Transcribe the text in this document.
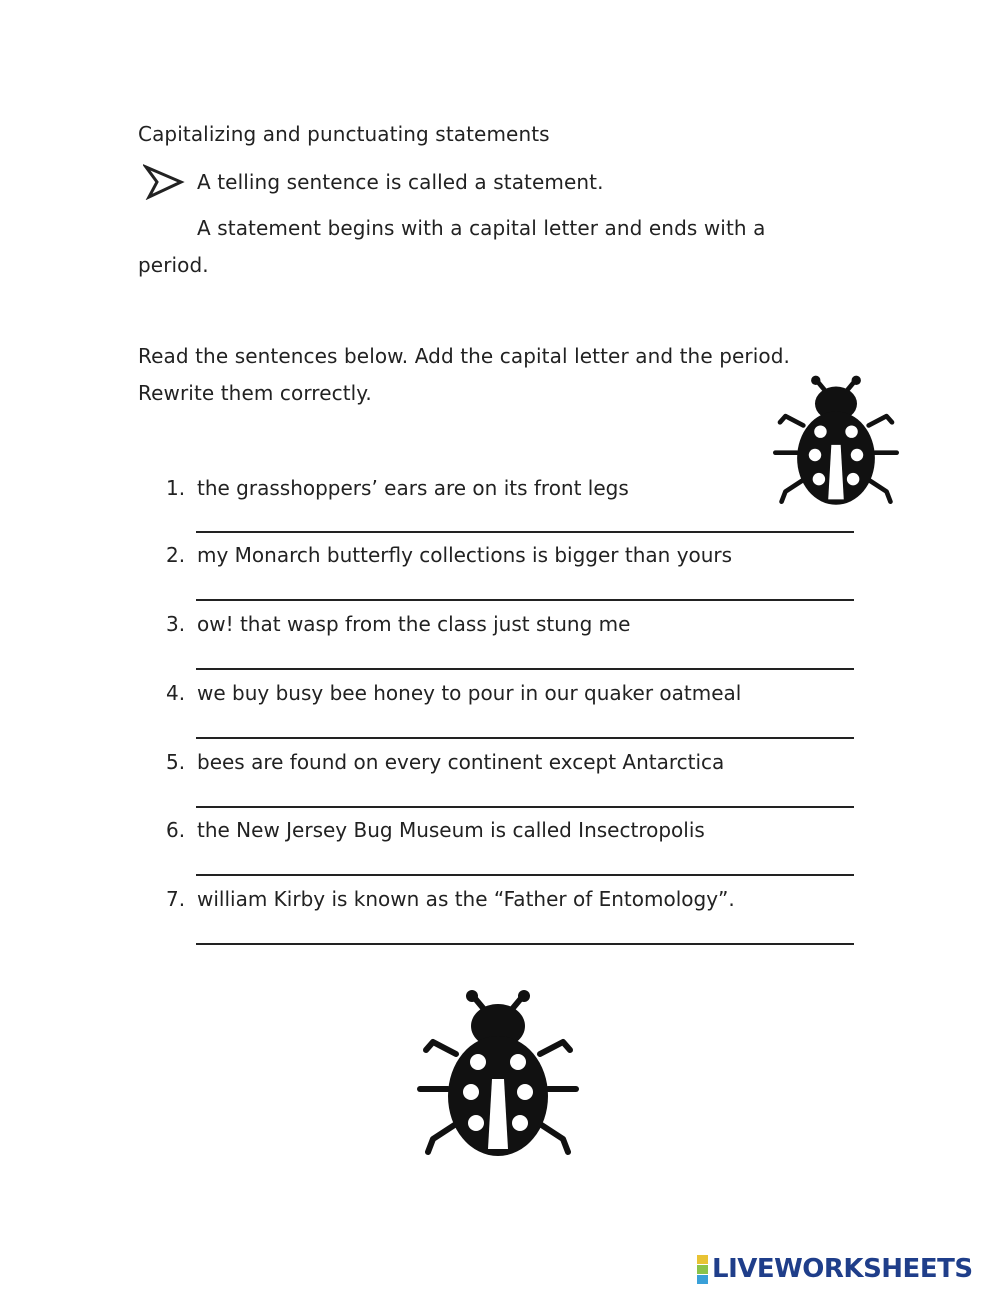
Capitalizing and punctuating statements
A telling sentence is called a statement.
A statement begins with a capital letter and ends with a
period.
Read the sentences below. Add the capital letter and the period.
Rewrite them correctly.
1. the grasshoppers’ ears are on its front legs
2. my Monarch butterfly collections is bigger than yours
3. ow! that wasp from the class just stung me
4. we buy busy bee honey to pour in our quaker oatmeal
5. bees are found on every continent except Antarctica
6. the New Jersey Bug Museum is called Insectropolis
7. william Kirby is known as the “Father of Entomology”.
LIVEWORKSHEETS
